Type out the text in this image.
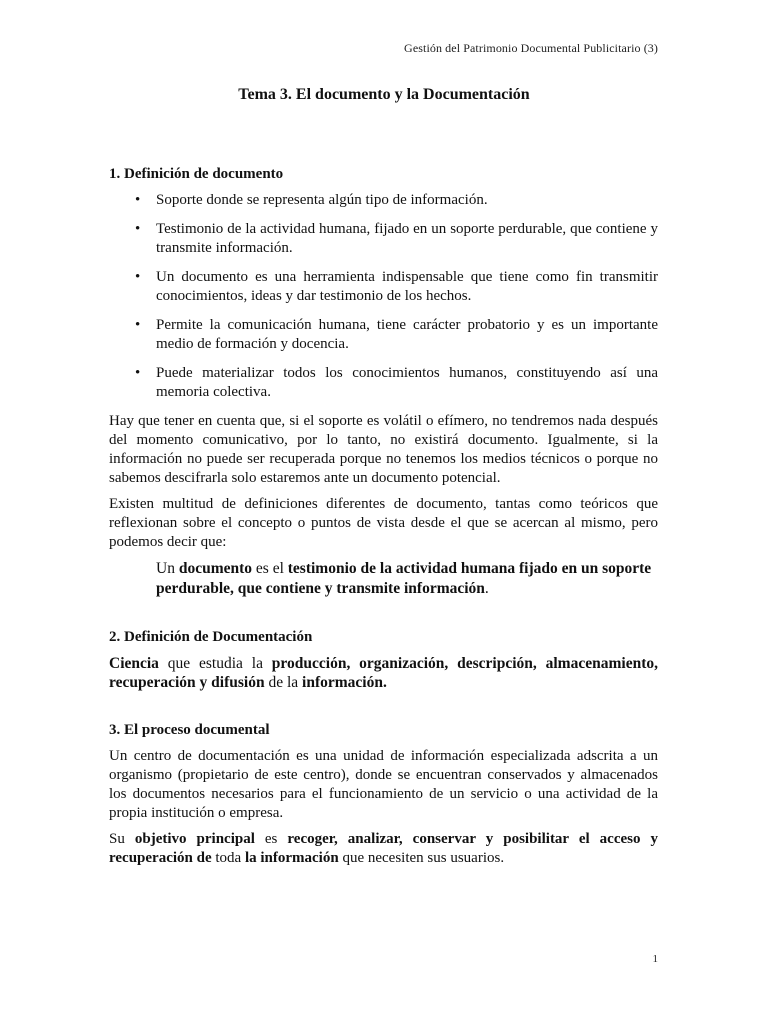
Gestión del Patrimonio Documental Publicitario (3)
Tema 3. El documento y la Documentación
1. Definición de documento
• Soporte donde se representa algún tipo de información.
• Testimonio de la actividad humana, fijado en un soporte perdurable, que contiene y transmite información.
• Un documento es una herramienta indispensable que tiene como fin transmitir conocimientos, ideas y dar testimonio de los hechos.
• Permite la comunicación humana, tiene carácter probatorio y es un importante medio de formación y docencia.
• Puede materializar todos los conocimientos humanos, constituyendo así una memoria colectiva.

Hay que tener en cuenta que, si el soporte es volátil o efímero, no tendremos nada después del momento comunicativo, por lo tanto, no existirá documento. Igualmente, si la información no puede ser recuperada porque no tenemos los medios técnicos o porque no sabemos descifrarla solo estaremos ante un documento potencial.

Existen multitud de definiciones diferentes de documento, tantas como teóricos que reflexionan sobre el concepto o puntos de vista desde el que se acercan al mismo, pero podemos decir que:

Un documento es el testimonio de la actividad humana fijado en un soporte perdurable, que contiene y transmite información.

2. Definición de Documentación

Ciencia que estudia la producción, organización, descripción, almacenamiento, recuperación y difusión de la información.

3. El proceso documental

Un centro de documentación es una unidad de información especializada adscrita a un organismo (propietario de este centro), donde se encuentran conservados y almacenados los documentos necesarios para el funcionamiento de un servicio o una actividad de la propia institución o empresa.

Su objetivo principal es recoger, analizar, conservar y posibilitar el acceso y recuperación de toda la información que necesiten sus usuarios.

1
